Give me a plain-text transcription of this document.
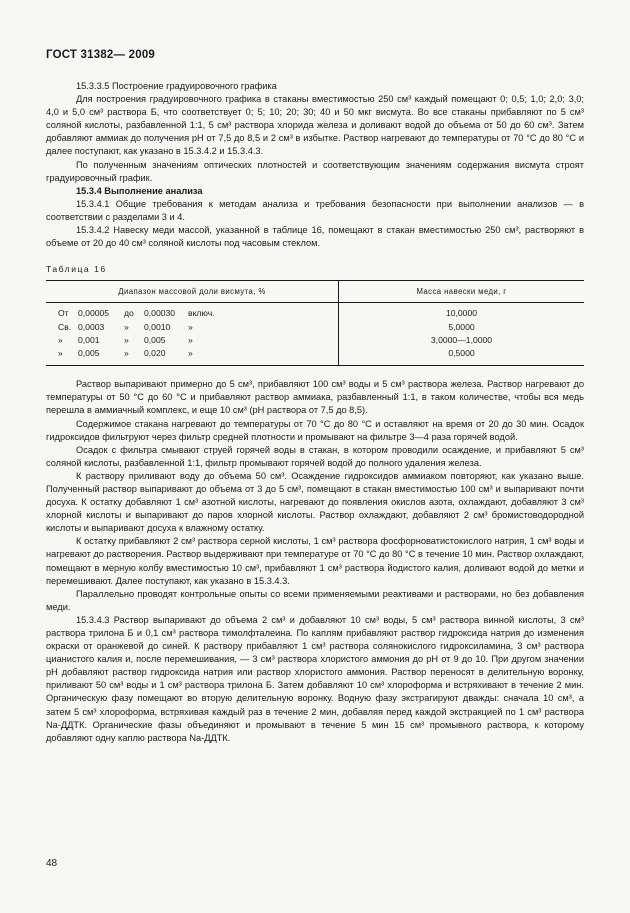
ГОСТ 31382— 2009

15.3.3.5 Построение градуировочного графика

Для построения градуировочного графика в стаканы вместимостью 250 см³ каждый помещают 0; 0,5; 1,0; 2,0; 3,0; 4,0 и 5,0 см³ раствора Б, что соответствует 0; 5; 10; 20; 30; 40 и 50 мкг висмута. Во все стаканы прибавляют по 5 см³ соляной кислоты, разбавленной 1:1, 5 см³ раствора хлорида железа и доливают водой до объема от 50 до 60 см³. Затем добавляют аммиак до получения pH от 7,5 до 8,5 и 2 см³ в избытке. Раствор нагревают до температуры от 70 °С до 80 °С и далее поступают, как указано в 15.3.4.2 и 15.3.4.3.

По полученным значениям оптических плотностей и соответствующим значениям содержания висмута строят градуировочный график.

15.3.4 Выполнение анализа

15.3.4.1 Общие требования к методам анализа и требования безопасности при выполнении анализов — в соответствии с разделами 3 и 4.

15.3.4.2 Навеску меди массой, указанной в таблице 16, помещают в стакан вместимостью 250 см³, растворяют в объеме от 20 до 40 см³ соляной кислоты под часовым стеклом.

Таблица 16
Диапазон массовой доли висмута, %	Масса навески меди, г

От 0,00005 до 0,00030 включ.	10,0000

Св. 0,0003 » 0,0010 »	5,0000

» 0,001 » 0,005 »	3,0000—1,0000

» 0,005 » 0,020 »	0,5000

Раствор выпаривают примерно до 5 см³, прибавляют 100 см³ воды и 5 см³ раствора железа. Раствор нагревают до температуры от 50 °С до 60 °С и прибавляют раствор аммиака, разбавленный 1:1, в таком количестве, чтобы вся медь перешла в аммиачный комплекс, и еще 10 см³ (pH раствора от 7,5 до 8,5).

Содержимое стакана нагревают до температуры от 70 °С до 80 °С и оставляют на время от 20 до 30 мин. Осадок гидроксидов фильтруют через фильтр средней плотности и промывают на фильтре 3—4 раза горячей водой.

Осадок с фильтра смывают струей горячей воды в стакан, в котором проводили осаждение, и прибавляют 5 см³ соляной кислоты, разбавленной 1:1, фильтр промывают горячей водой до полного удаления железа.

К раствору приливают воду до объема 50 см³. Осаждение гидроксидов аммиаком повторяют, как указано выше. Полученный раствор выпаривают до объема от 3 до 5 см³, помещают в стакан вместимостью 100 см³ и выпаривают почти досуха. К остатку добавляют 1 см³ азотной кислоты, нагревают до появления окислов азота, охлаждают, добавляют 3 см³ хлорной кислоты и выпаривают до паров хлорной кислоты. Раствор охлаждают, добавляют 2 см³ бромистоводородной кислоты и выпаривают досуха к влажному остатку.

К остатку прибавляют 2 см³ раствора серной кислоты, 1 см³ раствора фосфорноватистокислого натрия, 1 см³ воды и нагревают до растворения. Раствор выдерживают при температуре от 70 °С до 80 °С в течение 10 мин. Раствор охлаждают, помещают в мерную колбу вместимостью 10 см³, прибавляют 1 см³ раствора йодистого калия, доливают водой до метки и перемешивают. Далее поступают, как указано в 15.3.4.3.

Параллельно проводят контрольные опыты со всеми применяемыми реактивами и растворами, но без добавления меди.

15.3.4.3 Раствор выпаривают до объема 2 см³ и добавляют 10 см³ воды, 5 см³ раствора винной кислоты, 3 см³ раствора трилона Б и 0,1 см³ раствора тимолфталеина. По каплям прибавляют раствор гидроксида натрия до изменения окраски от оранжевой до синей. К раствору прибавляют 1 см³ раствора солянокислого гидроксиламина, 3 см³ раствора цианистого калия и, после перемешивания, — 3 см³ раствора хлористого аммония до pH от 9 до 10. При другом значении pH добавляют раствор гидроксида натрия или раствор хлористого аммония. Раствор переносят в делительную воронку, приливают 50 см³ воды и 1 см³ раствора трилона Б. Затем добавляют 10 см³ хлороформа и встряхивают в течение 2 мин. Органическую фазу помещают во вторую делительную воронку. Водную фазу экстрагируют дважды: сначала 10 см³, а затем 5 см³ хлороформа, встряхивая каждый раз в течение 2 мин, добавляя перед каждой экстракцией по 1 см³ раствора Na-ДДТК. Органические фазы объединяют и промывают в течение 5 мин 15 см³ промывного раствора, к которому добавляют одну каплю раствора Na-ДДТК.

48
